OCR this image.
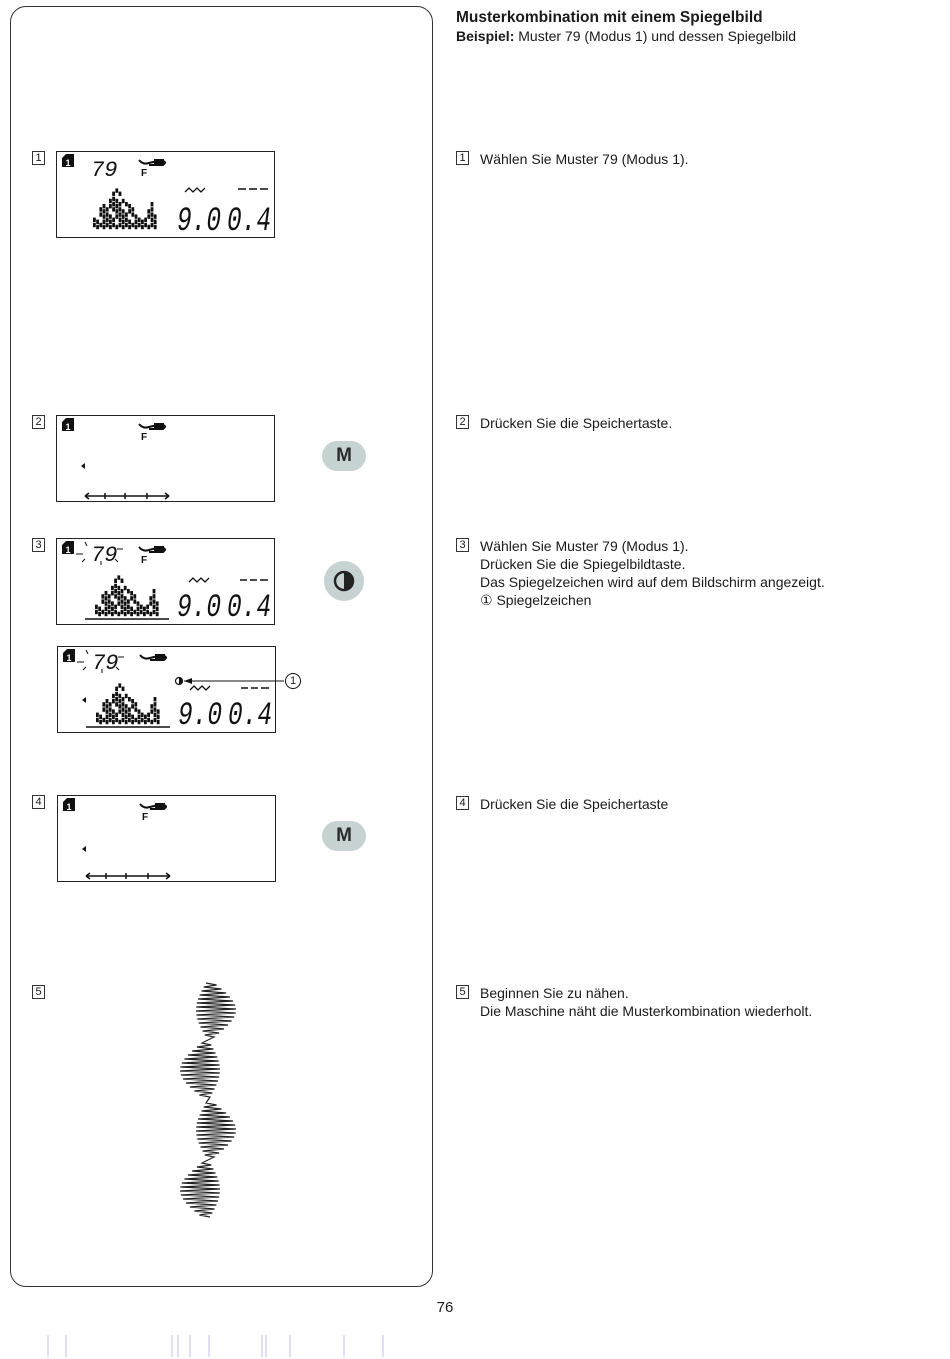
Musterkombination mit einem Spiegelbild
Beispiel: Muster 79 (Modus 1) und dessen Spiegelbild
1
2
3
4
5
1 Wählen Sie Muster 79 (Modus 1).
2 Drücken Sie die Speichertaste.
3 Wählen Sie Muster 79 (Modus 1).
Drücken Sie die Spiegelbildtaste.
Das Spiegelzeichen wird auf dem Bildschirm angezeigt.
① Spiegelzeichen
4 Drücken Sie die Speichertaste
5 Beginnen Sie zu nähen.
Die Maschine näht die Musterkombination wiederholt.
1 79 F
9.0 0.4
1
F
M
1 79 F
9.0 0.4
1 79
9.0 0.4
1
1
F
M
76
